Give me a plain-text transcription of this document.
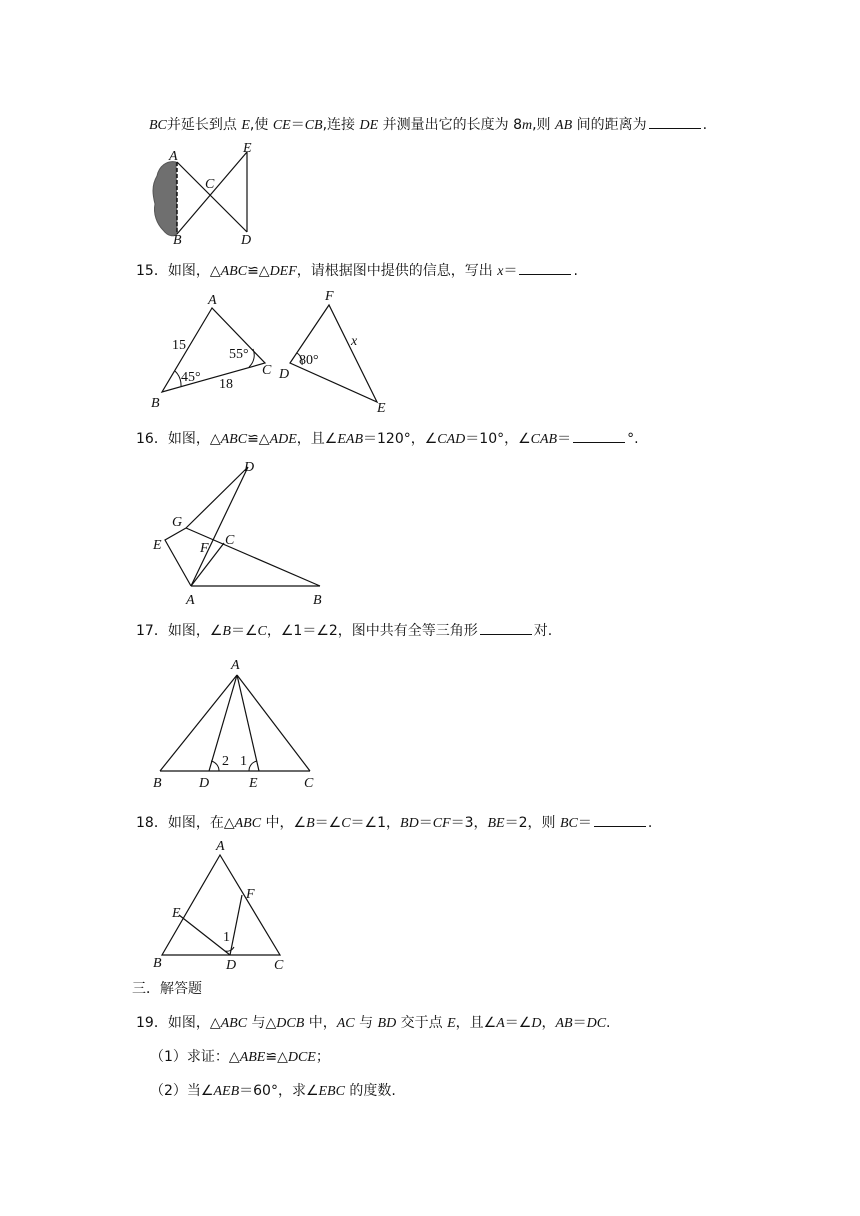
BC并延长到点 E,使 CE＝CB,连接 DE 并测量出它的长度为 8m,则 AB 间的距离为	.
A
C
E
B	D
15．如图，△ABC≌△DEF，请根据图中提供的信息，写出 x＝	.
A
B
C
15
18
45°
55°
F
D
E
x
80°
16．如图，△ABC≌△ADE，且∠EAB＝120°，∠CAD＝10°，∠CAB＝	°.
D
G
E	F
C
A	B
17．如图，∠B＝∠C，∠1＝∠2，图中共有全等三角形	对.
A
B	D	E	C
2 1
18．如图，在△ABC 中，∠B＝∠C＝∠1，BD＝CF＝3，BE＝2，则 BC＝	.
A
E
F
B	D	C
1
三．解答题
19．如图，△ABC 与△DCB 中，AC 与 BD 交于点 E，且∠A＝∠D，AB＝DC.
（1）求证：△ABE≌△DCE；
（2）当∠AEB＝60°，求∠EBC 的度数.
